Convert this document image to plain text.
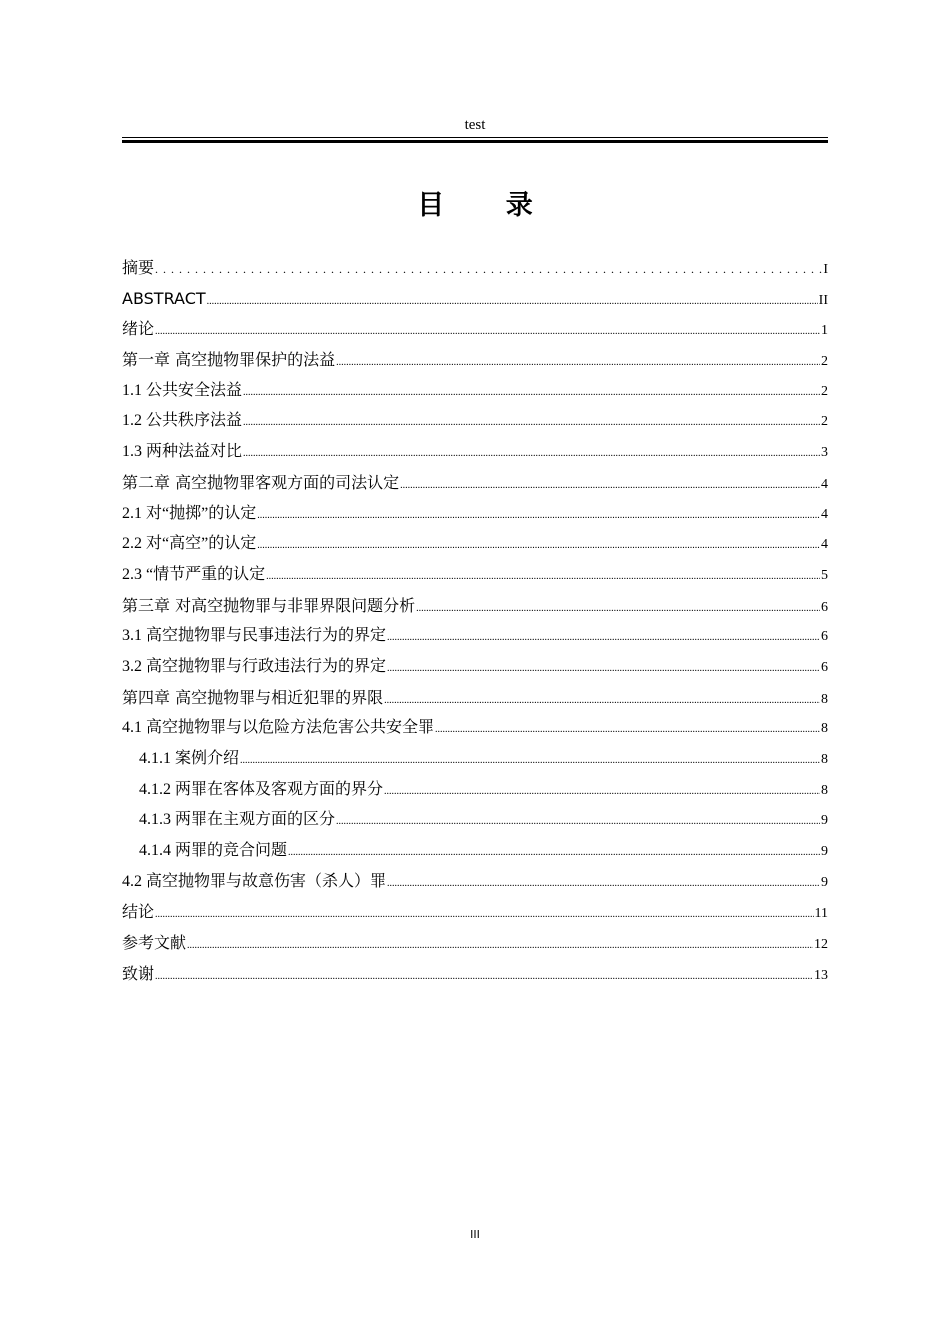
test
目 录
摘要 .....	I
ABSTRACT .....	II
绪论 .....	1
第一章 高空抛物罪保护的法益 .....	2
1.1 公共安全法益 .....	2
1.2 公共秩序法益 .....	2
1.3 两种法益对比 .....	3
第二章 高空抛物罪客观方面的司法认定 .....	4
2.1 对“抛掷”的认定 .....	4
2.2 对“高空”的认定 .....	4
2.3 “情节严重的认定 .....	5
第三章 对高空抛物罪与非罪界限问题分析 .....	6
3.1 高空抛物罪与民事违法行为的界定 .....	6
3.2 高空抛物罪与行政违法行为的界定 .....	6
第四章 高空抛物罪与相近犯罪的界限 .....	8
4.1 高空抛物罪与以危险方法危害公共安全罪 .....	8
4.1.1 案例介绍 .....	8
4.1.2 两罪在客体及客观方面的界分 .....	8
4.1.3 两罪在主观方面的区分 .....	9
4.1.4 两罪的竞合问题 .....	9
4.2 高空抛物罪与故意伤害（杀人）罪 .....	9
结论 .....	11
参考文献 .....	12
致谢 .....	13
III
